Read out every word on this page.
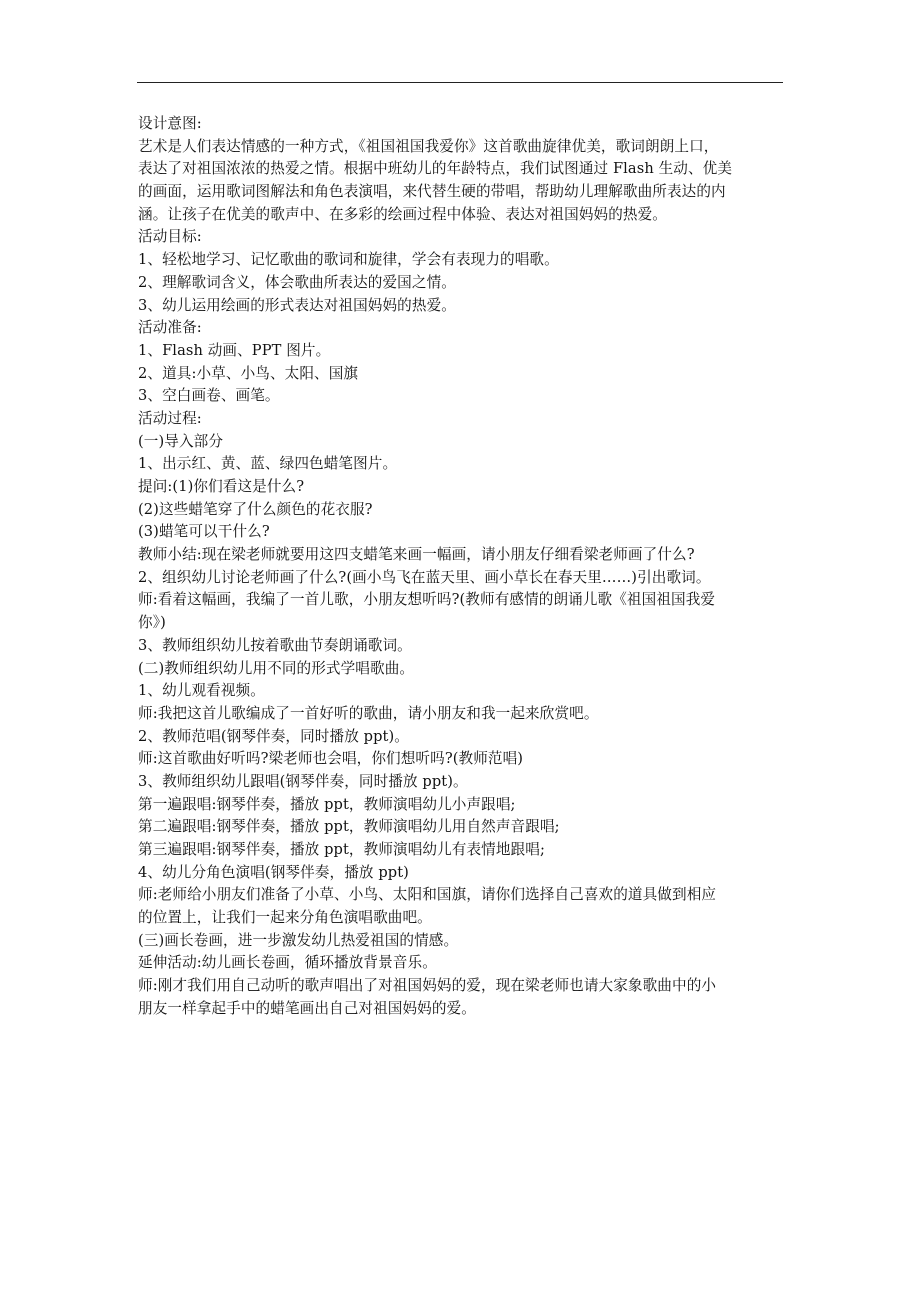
设计意图:
艺术是人们表达情感的一种方式，《祖国祖国我爱你》这首歌曲旋律优美，歌词朗朗上口，
表达了对祖国浓浓的热爱之情。根据中班幼儿的年龄特点，我们试图通过 Flash 生动、优美
的画面，运用歌词图解法和角色表演唱，来代替生硬的带唱，帮助幼儿理解歌曲所表达的内
涵。让孩子在优美的歌声中、在多彩的绘画过程中体验、表达对祖国妈妈的热爱。
活动目标:
1、轻松地学习、记忆歌曲的歌词和旋律，学会有表现力的唱歌。
2、理解歌词含义，体会歌曲所表达的爱国之情。
3、幼儿运用绘画的形式表达对祖国妈妈的热爱。
活动准备:
1、Flash 动画、PPT 图片。
2、道具:小草、小鸟、太阳、国旗
3、空白画卷、画笔。
活动过程:
(一)导入部分
1、出示红、黄、蓝、绿四色蜡笔图片。
提问:(1)你们看这是什么?
(2)这些蜡笔穿了什么颜色的花衣服?
(3)蜡笔可以干什么?
教师小结:现在梁老师就要用这四支蜡笔来画一幅画，请小朋友仔细看梁老师画了什么?
2、组织幼儿讨论老师画了什么?(画小鸟飞在蓝天里、画小草长在春天里……)引出歌词。
师:看着这幅画，我编了一首儿歌，小朋友想听吗?(教师有感情的朗诵儿歌《祖国祖国我爱
你》)
3、教师组织幼儿按着歌曲节奏朗诵歌词。
(二)教师组织幼儿用不同的形式学唱歌曲。
1、幼儿观看视频。
师:我把这首儿歌编成了一首好听的歌曲，请小朋友和我一起来欣赏吧。
2、教师范唱(钢琴伴奏，同时播放 ppt)。
师:这首歌曲好听吗?梁老师也会唱，你们想听吗?(教师范唱)
3、教师组织幼儿跟唱(钢琴伴奏，同时播放 ppt)。
第一遍跟唱:钢琴伴奏，播放 ppt，教师演唱幼儿小声跟唱;
第二遍跟唱:钢琴伴奏，播放 ppt，教师演唱幼儿用自然声音跟唱;
第三遍跟唱:钢琴伴奏，播放 ppt，教师演唱幼儿有表情地跟唱;
4、幼儿分角色演唱(钢琴伴奏，播放 ppt)
师:老师给小朋友们准备了小草、小鸟、太阳和国旗，请你们选择自己喜欢的道具做到相应
的位置上，让我们一起来分角色演唱歌曲吧。
(三)画长卷画，进一步激发幼儿热爱祖国的情感。
延伸活动:幼儿画长卷画，循环播放背景音乐。
师:刚才我们用自己动听的歌声唱出了对祖国妈妈的爱，现在梁老师也请大家象歌曲中的小
朋友一样拿起手中的蜡笔画出自己对祖国妈妈的爱。
